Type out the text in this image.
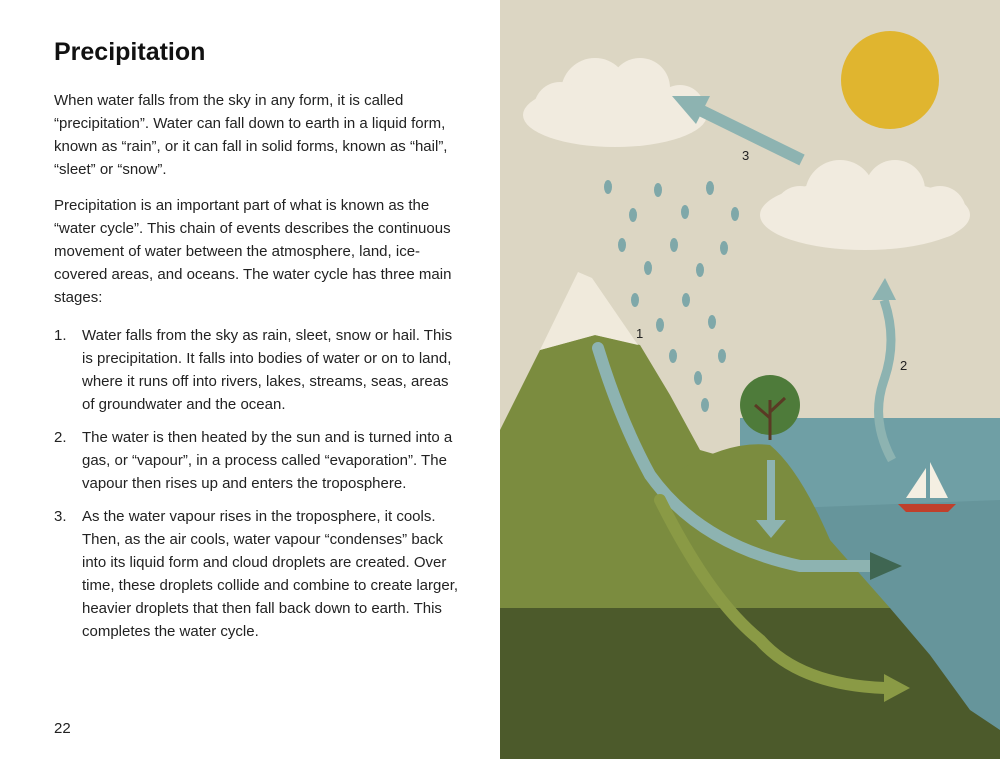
Precipitation

When water falls from the sky in any form, it is called “precipitation”. Water can fall down to earth in a liquid form, known as “rain”, or it can fall in solid forms, known as “hail”, “sleet” or “snow”.

Precipitation is an important part of what is known as the “water cycle”. This chain of events describes the continuous movement of water between the atmosphere, land, ice-covered areas, and oceans. The water cycle has three main stages:

1. Water falls from the sky as rain, sleet, snow or hail. This is precipitation. It falls into bodies of water or on to land, where it runs off into rivers, lakes, streams, seas, areas of groundwater and the ocean.
2. The water is then heated by the sun and is turned into a gas, or “vapour”, in a process called “evaporation”. The vapour then rises up and enters the troposphere.
3. As the water vapour rises in the troposphere, it cools. Then, as the air cools, water vapour “condenses” back into its liquid form and cloud droplets are created. Over time, these droplets collide and combine to create larger, heavier droplets that then fall back down to earth. This completes the water cycle.
22
1
2
3
